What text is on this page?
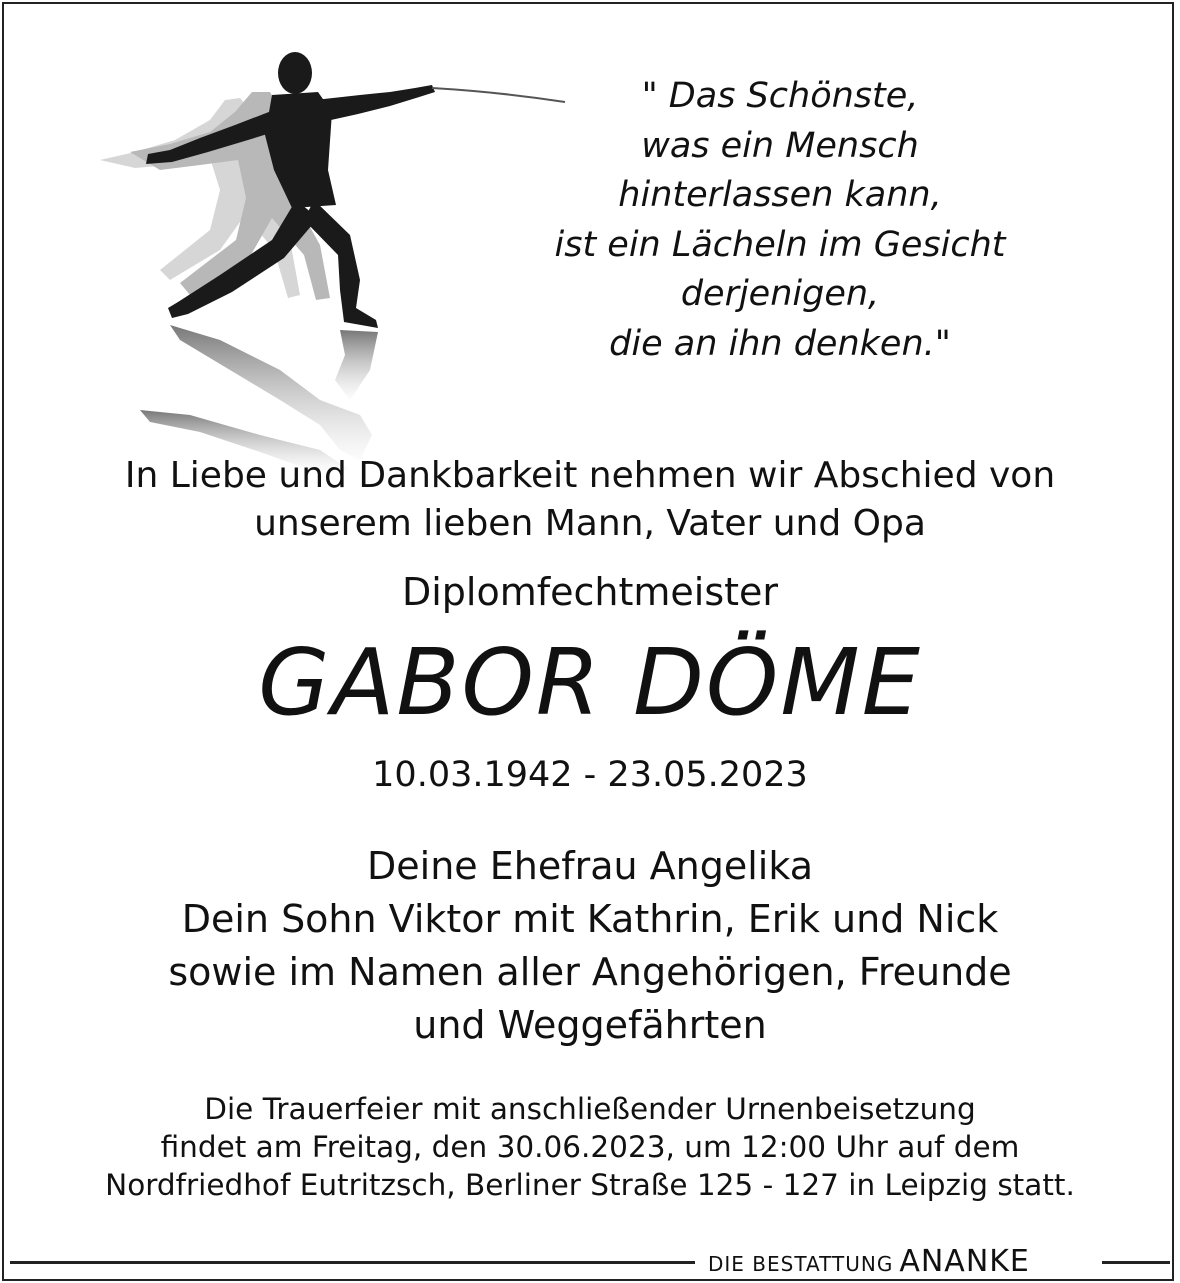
" Das Schönste,
was ein Mensch
hinterlassen kann,
ist ein Lächeln im Gesicht
derjenigen,
die an ihn denken."
In Liebe und Dankbarkeit nehmen wir Abschied von
unserem lieben Mann, Vater und Opa
Diplomfechtmeister
GABOR DÖME
10.03.1942 - 23.05.2023
Deine Ehefrau Angelika
Dein Sohn Viktor mit Kathrin, Erik und Nick
sowie im Namen aller Angehörigen, Freunde
und Weggefährten
Die Trauerfeier mit anschließender Urnenbeisetzung
findet am Freitag, den 30.06.2023, um 12:00 Uhr auf dem
Nordfriedhof Eutritzsch, Berliner Straße 125 - 127 in Leipzig statt.
DIE BESTATTUNG ANANKE
